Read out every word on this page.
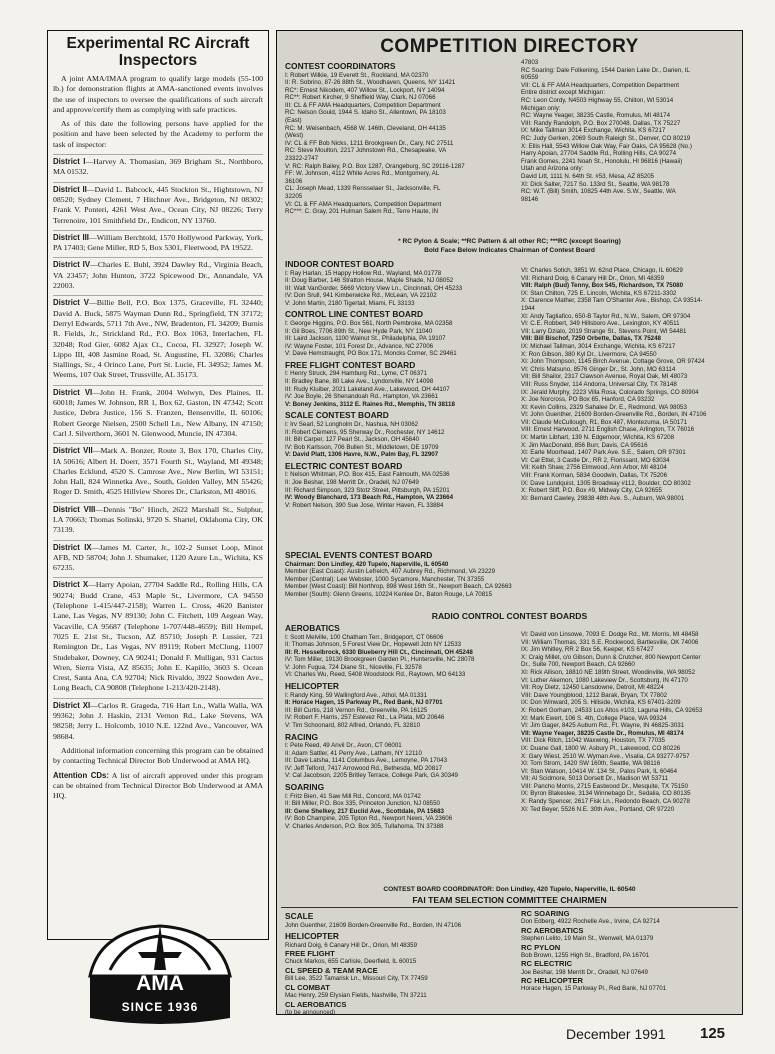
Experimental RC Aircraft Inspectors

A joint AMA/IMAA program to qualify large models (55-100 lb.) for demonstration flights at AMA-sanctioned events involves the use of inspectors to oversee the qualifications of such aircraft and approve/certify them as complying with safe practices.

As of this date the following persons have applied for the position and have been selected by the Academy to perform the task of inspector:

District I—Harvey A. Thomasian, 369 Brigham St., Northboro, MA 01532.

District II—David L. Babcock, 445 Stockton St., Hightstown, NJ 08520; Sydney Clement, 7 Hitchner Ave., Bridgeton, NJ 08302; Frank V. Ponteri, 4261 West Ave., Ocean City, NJ 08226; Terry Terrenoire, 101 Smithfield Dr., Endicott, NY 13760.

District III—William Berchtold, 1570 Hollywood Parkway, York, PA 17403; Gene Miller, RD 5, Box 5301, Fleetwood, PA 19522.

District IV—Charles E. Buhl, 3924 Dawley Rd., Virginia Beach, VA 23457; John Hunton, 3722 Spicewood Dr., Annandale, VA 22003.

District V—Billie Bell, P.O. Box 1375, Graceville, FL 32440; David A. Buck, 5875 Wayman Dunn Rd., Springfield, TN 37172; Derryl Edwards, 5711 7th Ave., NW, Bradenton, FL 34209; Burnis R. Fields, Jr., Strickland Rd., P.O. Box 1063, Interlachen, FL 32048; Rod Gier, 6082 Ajax Ct., Cocoa, FL 32927; Joseph W. Lippo III, 408 Jasmine Road, St. Augustine, FL 32086; Charles Stallings, Sr., 4 Orinco Lane, Port St. Lucie, FL 34952; James M. Weems, 107 Oak Street, Trussville, AL 35173.

District VI—John H. Frank, 2004 Welwyn, Des Plaines, IL 60018; James W. Johnson, RR 1, Box 62, Gaston, IN 47342; Scott Justice, Debra Justice, 156 S. Franzen, Bensenville, IL 60106; Robert George Nielsen, 2500 Schell Ln., New Albany, IN 47150; Carl J. Silverthorn, 3601 N. Glenwood, Muncie, IN 47304.

District VII—Mark A. Bonzer, Route 3, Box 170, Charles City, IA 50616; Albert H. Doerr, 3571 Fourth St., Wayland, MI 49348; Charles Ecklund, 4520 S. Camrose Ave., New Berlin, WI 53151; John Hall, 824 Winnetka Ave., South, Golden Valley, MN 55426; Roger D. Smith, 4525 Hillview Shores Dr., Clarkston, MI 48016.

District VIII—Dennis "Bo" Hinch, 2622 Marshall St., Sulphur, LA 70663; Thomas Solinski, 9720 S. Shartel, Oklahoma City, OK 73139.

District IX—James M. Carter, Jr., 102-2 Sunset Loop, Minot AFB, ND 58704; John J. Shumaker, 1120 Azure Ln., Wichita, KS 67235.

District X—Harry Apoian, 27704 Saddle Rd., Rolling Hills, CA 90274; Budd Crane, 453 Maple St., Livermore, CA 94550 (Telephone 1-415/447-2158); Warren L. Cross, 4620 Banister Lane, Las Vegas, NV 89130; John C. Fitchett, 109 Aegean Way, Vacaville, CA 95687 (Telephone 1-707/448-4659); Bill Hempel, 7025 E. 21st St., Tucson, AZ 85710; Joseph P. Lussier, 721 Remington Dr., Las Vegas, NV 89119; Robert McClung, 11007 Studebaker, Downey, CA 90241; Donald F. Mulligan, 931 Cactus Wren, Sierra Vista, AZ 85635; John E. Kapillo, 3603 S. Ocean Crest, Santa Ana, CA 92704; Nick Rivaldo, 3922 Snowden Ave., Long Beach, CA 90808 (Telephone 1-213/420-2148).

District XI—Carlos R. Grageda, 716 Hart Ln., Walla Walla, WA 99362; John J. Haskin, 2131 Vernon Rd., Lake Stevens, WA 98258; Jerry L. Holcomb, 1010 N.E. 122nd Ave., Vancouver, WA 98684.

Additional information concerning this program can be obtained by contacting Technical Director Bob Underwood at AMA HQ.

Attention CDs: A list of aircraft approved under this program can be obtained from Technical Director Bob Underwood at AMA HQ.

AMA
SINCE 1936
COMPETITION DIRECTORY
CONTEST COORDINATORS
I: Robert Wilkie, 19 Everett St., Rockland, MA 02370
II: R. Sobrino, 87-26 88th St., Woodhaven, Queens, NY 11421
RC*: Ernest Nikodem, 407 Willow St., Lockport, NY 14094
RC**: Robert Kircher, 9 Sheffield Way, Clark, NJ 07066
III: CL & FF AMA Headquarters, Competition Department
RC: Nelson Gould, 1944 S. Idaho St., Allentown, PA 18103
(East)
RC: M. Weisenbach, 4568 W. 146th, Cleveland, OH 44135
(West)
IV: CL & FF Bob Nicks, 1211 Brookgreen Dr., Cary, NC 27511
RC: Steve Moulton, 2217 Johnstown Rd., Chesapeake, VA
23322-2747
V: RC: Ralph Bailey, P.O. Box 1287, Orangeburg, SC 29116-1287
FF: W. Johnson, 4112 White Acres Rd., Montgomery, AL
36106
CL: Joseph Mead, 1339 Rensselaer St., Jacksonville, FL
32205
VI: CL & FF AMA Headquarters, Competition Department
RC***: C. Gray, 201 Hulman Salem Rd., Terre Haute, IN
47803
RC Soaring: Dale Folkening, 1544 Darien Lake Dr., Darien, IL
60559
VII: CL & FF AMA Headquarters, Competition Department
Entire district except Michigan:
RC: Leon Cordy, N4503 Highway 55, Chilton, WI 53014
Michigan only:
RC: Wayne Yeager, 38235 Castle, Romulus, MI 48174
VIII: Randy Randolph, P.O. Box 270048, Dallas, TX 75227
IX: Mike Tallman 3014 Exchange, Wichita, KS 67217
RC: Judy Gerken, 2069 South Raleigh St., Denver, CO 80219
X: Ellis Hall, 5543 Willow Oak Way, Fair Oaks, CA 95628 (No.)
Harry Apoian, 27704 Saddle Rd., Rolling Hills, CA 90274
Frank Gomes, 2241 Noah St., Honolulu, HI 96816 (Hawaii)
Utah and Arizona only:
David Litt, 1111 N. 64th St. #53, Mesa, AZ 85205
XI: Dick Salter, 7217 So. 133rd St., Seattle, WA 98178
RC: W.T. (Bill) Smith, 10825 44th Ave. S.W., Seattle, WA
98146
* RC Pylon & Scale; **RC Pattern & all other RC; ***RC (except Soaring)
Bold Face Below Indicates Chairman of Contest Board
INDOOR CONTEST BOARD
I: Ray Harlan, 15 Happy Hollow Rd., Wayland, MA 01778
II: Doug Barber, 146 Stratton House, Maple Shade, NJ 08052
III: Walt VanGorder, 5669 Victory View Ln., Cincinnati, OH 45233
IV: Don Srull, 941 Kimberwicke Rd., McLean, VA 22102
V: John Martin, 2180 Tigertail, Miami, FL 33133
CONTROL LINE CONTEST BOARD
I: George Higgins, P.O. Box 561, North Pembroke, MA 02358
II: Gil Boes, 7706 89th St., New Hyde Park, NY 11040
III: Laird Jackson, 1100 Walnut St., Philadelphia, PA 19107
IV: Wayne Foster, 101 Forest Dr., Advance, NC 27006
V: Dave Hemstraught, PO Box 171, Moncks Corner, SC 29461
FREE FLIGHT CONTEST BOARD
I: Henry Struck, 294 Hamburg Rd., Lyme, CT 06371
II: Bradley Bane, 80 Lake Ave., Lyndonville, NY 14098
III: Rudy Kluiber, 2021 Lakeland Ave., Lakewood, OH 44107
IV: Joe Boyle, 26 Shenandoah Rd., Hampton, VA 23661
V: Boney Jenkins, 3112 E. Raines Rd., Memphis, TN 38118
SCALE CONTEST BOARD
I: Irv Searl, 52 Longholm Dr., Nashua, NH 03062
II: Robert Clemens, 95 Sherway Dr., Rochester, NY 14612
III: Bill Carper, 127 Pearl St., Jackson, OH 45640
IV: Bob Karlsson, 706 Bullen St., Middletown, DE 19709
V: David Platt, 1306 Havre, N.W., Palm Bay, FL 32907
ELECTRIC CONTEST BOARD
I: Nelson Whitman, P.O. Box 415, East Falmouth, MA 02536
II: Joe Beshar, 198 Merritt Dr., Oradell, NJ 07649
III: Richard Simpson, 323 Stotz Street, Pittsburgh, PA 15201
IV: Woody Blanchard, 173 Beach Rd., Hampton, VA 23664
V: Robert Nelson, 390 Sue Jose, Winter Haven, FL 33884
VI: Charles Sotich, 3851 W. 62nd Place, Chicago, IL 60629
VII: Richard Doig, 6 Canary Hill Dr., Orion, MI 48359
VIII: Ralph (Bud) Tenny, Box 545, Richardson, TX 75080
IX: Stan Chilton, 725 E. Lincoln, Wichita, KS 67211-3302
X: Clarence Mather, 2358 Tam O'Shanter Ave., Bishop, CA 93514-
1944
XI: Andy Tagliafico, 650-B Taylor Rd., N.W., Salem, OR 97304
VI: C.E. Robbert, 349 Hillsboro Ave., Lexington, KY 40511
VII: Larry Dzialo, 2019 Strange St., Stevens Point, WI 54481
VIII: Bill Bischof, 7250 Orbette, Dallas, TX 75248
IX: Michael Tallman, 3014 Exchange, Wichita, KS 67217
X: Ron Gibson, 380 Kyl Dr., Livermore, CA 94550
XI: John Thompson, 1145 Birch Avenue, Cottage Grove, OR 97424
VI: Chris Matsuno, 8576 Ginger Dr., St. John, MO 63114
VII: Bill Shailor, 2317 Clawson Avenue, Royal Oak, MI 48073
VIII: Russ Snyder, 114 Andorra, Universal City, TX 78148
IX: Jerald Murphy, 2223 Villa Rosa, Colorado Springs, CO 80904
X: Joe Norcross, PO Box 65, Hanford, CA 93232
XI: Kevin Collins, 2329 Sahalee Dr. E., Redmond, WA 98053
VI: John Guenther, 21609 Borden-Greenville Rd., Borden, IN 47106
VII: Claude McCullough, R1, Box 487, Montezuma, IA 50171
VIII: Ernest Harwood, 2711 English Chase, Arlington, TX 76016
IX: Martin Libhart, 139 N. Edgemoor, Wichita, KS 67208
X: Jim MacDonald, 856 Burr, Davis, CA 95616
XI: Earle Moorhead, 1407 Park Ave. S.E., Salem, OR 97301
VI: Cal Ettel, 3 Castle Dr., RR 2, Florissant, MO 63034
VII: Keith Shaw, 2756 Elmwood, Ann Arbor, MI 48104
VIII: Frank Korman, 5834 Goodwin, Dallas, TX 75206
IX: Dave Lundquist, 1305 Broadway #112, Boulder, CO 80302
X: Robert Sliff, P.O. Box #9, Midway City, CA 92655
XI: Bernard Cawley, 29838 48th Ave. S., Auburn, WA 98001
SPECIAL EVENTS CONTEST BOARD
Chairman: Don Lindley, 420 Tupelo, Naperville, IL 60540
Member (East Coast): Austin Lefreich, 407 Aubrey Rd., Richmond, VA 23229
Member (Central): Lee Webster, 1000 Sycamore, Manchester, TN 37355
Member (West Coast): Bill Northrop, 898 West 16th St., Newport Beach, CA 92663
Member (South): Glenn Greens, 10224 Kenlee Dr., Baton Rouge, LA 70815
RADIO CONTROL CONTEST BOARDS
AEROBATICS
I: Scott Melville, 100 Chatham Terr., Bridgeport, CT 06606
II: Thomas Johnson, 5 Forest View Dr., Hopewell Jctn NY 12533
III: R. Hesselbrock, 6330 Blueberry Hill Ct., Cincinnati, OH 45248
IV: Tom Miller, 19130 Brookgreen Garden Pl., Huntersville, NC 28078
V: John Fugua, 724 Diane St., Niceville, FL 32578
VI: Charles Wu, Reed, 5408 Woodstock Rd., Raytown, MO 64133
HELICOPTER
I: Randy King, 59 Wallingford Ave., Athol, MA 01331
II: Horace Hagen, 15 Parkway Pl., Red Bank, NJ 07701
III: Bill Curtis, 218 Vernon Rd., Greenville, PA 16125
IV: Robert F. Harris, 257 Estevez Rd., La Plata, MD 20646
V: Tim Schoonard, 802 Alfred, Orlando, FL 32810
RACING
I: Pete Reed, 49 Anvil Dr., Avon, CT 06001
II: Adam Sattler, 41 Perry Ave., Latham, NY 12110
III: Dave Latsha, 1141 Columbus Ave., Lemoyne, PA 17043
IV: Jeff Telford, 7417 Arrowood Rd., Bethesda, MD 20817
V: Cal Jacobson, 2205 Britley Terrace, College Park, GA 30349
SOARING
I: Fritz Bien, 41 Saw Mill Rd., Concord, MA 01742
II: Bill Miller, P.O. Box 335, Princeton Junction, NJ 08550
III: Gene Shelkey, 217 Euclid Ave., Scottdale, PA 15683
IV: Bob Champine, 205 Tipton Rd., Newport News, VA 23606
V: Charles Anderson, P.O. Box 305, Tullahoma, TN 37388
VI: David von Linsowe, 7093 E. Dodge Rd., Mt. Morris, MI 48458
VII: William Thomas, 331 S.E. Rockwood, Bartlesville, OK 74006
IX: Jim Whitley, RR 2 Box 56, Keeper, KS 67427
X: Craig Millet, c/o Gibson, Dunn & Crutcher, 800 Newport Center
Dr., Suite 700, Newport Beach, CA 92660
XI: Rick Allison, 18810 NE 189th Street, Woodinville, WA 98052
VI: Luther Akemon, 1080 Lakeview Dr., Scottsburg, IN 47170
VII: Roy Dietz, 12450 Lansdowne, Detroit, MI 48224
VIII: Dave Youngblood, 1212 Barak, Bryan, TX 77802
IX: Don Winward, 205 S. Hillside, Wichita, KS 67401-3209
X: Robert Gorham, 24533 Los Altos #103, Laguna Hills, CA 92653
XI: Mark Ewert, 106 S. 4th, College Place, WA 99324
VI: Jim Gager, 8425 Auburn Rd., Ft. Wayne, IN 46825-3031
VII: Wayne Yeager, 38235 Castle Dr., Romulus, MI 48174
VIII: Dick Ritch, 11042 Waxwing, Houston, TX 77035
IX: Duane Gall, 1800 W. Asbury Pl., Lakewood, CO 80226
X: Gary Wiest, 2510 W. Wyman Ave., Visalia, CA 93277-9757
XI: Tom Strom, 1420 SW 160th, Seattle, WA 98116
VI: Stan Watson, 10414 W. 134 St., Palos Park, IL 60464
VII: Al Scidmore, 5013 Dorsett Dr., Madison WI 53711
VIII: Pancho Morris, 2715 Eastwood Dr., Mesquite, TX 75150
IX: Byron Blakeslee, 3134 Winnebago Dr., Sedalia, CO 80135
X: Randy Spencer, 2617 Fisk Ln., Redondo Beach, CA 90278
XI: Ted Beyer, 5526 N.E. 30th Ave., Portland, OR 97220
CONTEST BOARD COORDINATOR: Don Lindley, 420 Tupelo, Naperville, IL 60540
FAI TEAM SELECTION COMMITTEE CHAIRMEN
SCALE
John Guenther, 21609 Borden-Greenville Rd., Borden, IN 47106
HELICOPTER
Richard Doig, 6 Canary Hill Dr., Orion, MI 48359
FREE FLIGHT
Chuck Markos, 655 Carlisle, Deerfield, IL 60015
CL SPEED & TEAM RACE
Bill Lee, 3522 Tamarisk Ln., Missouri City, TX 77459
CL COMBAT
Mac Henry, 259 Elysian Fields, Nashville, TN 37211
CL AEROBATICS
(to be announced)
RC SOARING
Don Edberg, 4922 Rochelle Ave., Irvine, CA 92714
RC AEROBATICS
Stephen Lelito, 19 Main St., Wenwell, MA 01379
RC PYLON
Bob Brown, 1255 High St., Bradford, PA 16701
RC ELECTRIC
Joe Beshar, 198 Merritt Dr., Oradell, NJ 07649
RC HELICOPTER
Horace Hagen, 15 Parkway Pl., Red Bank, NJ 07701
December 1991 125
